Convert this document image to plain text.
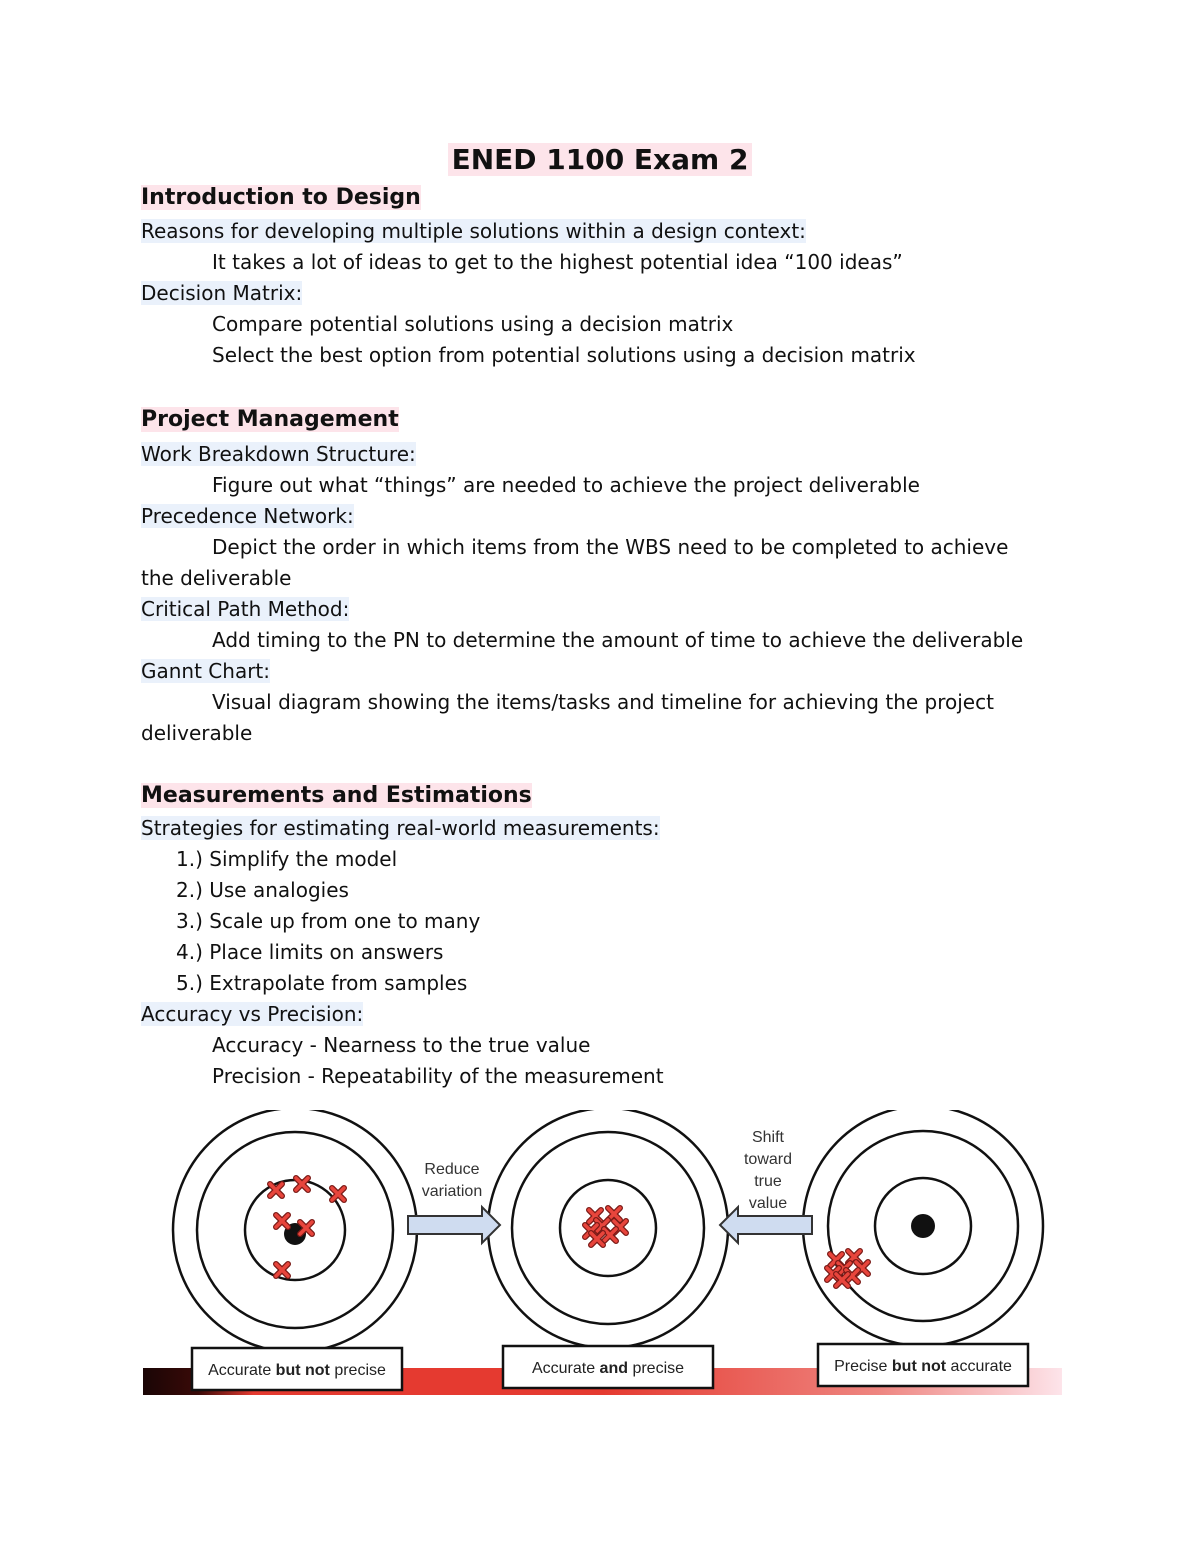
ENED 1100 Exam 2
Introduction to Design
Reasons for developing multiple solutions within a design context:
It takes a lot of ideas to get to the highest potential idea “100 ideas”
Decision Matrix:
Compare potential solutions using a decision matrix
Select the best option from potential solutions using a decision matrix
Project Management
Work Breakdown Structure:
Figure out what “things” are needed to achieve the project deliverable
Precedence Network:
Depict the order in which items from the WBS need to be completed to achieve
the deliverable
Critical Path Method:
Add timing to the PN to determine the amount of time to achieve the deliverable
Gannt Chart:
Visual diagram showing the items/tasks and timeline for achieving the project
deliverable
Measurements and Estimations
Strategies for estimating real-world measurements:
1.) Simplify the model
2.) Use analogies
3.) Scale up from one to many
4.) Place limits on answers
5.) Extrapolate from samples
Accuracy vs Precision:
Accuracy - Nearness to the true value
Precision - Repeatability of the measurement
Reduce
variation
Shift
toward
true
value
Accurate but not precise	Accurate and precise	Precise but not accurate
